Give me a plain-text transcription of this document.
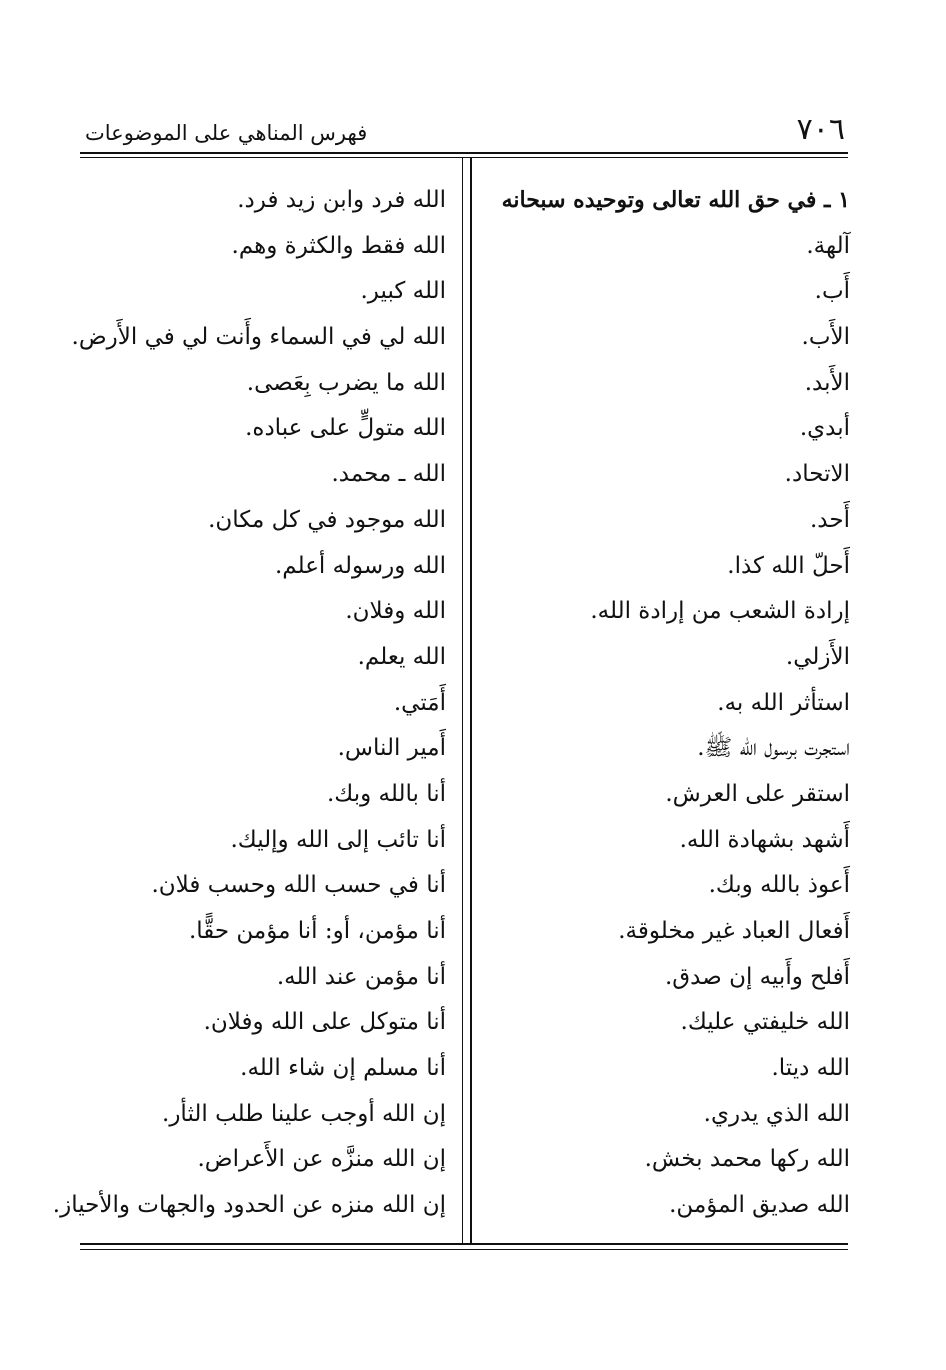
٧٠٦
فهرس المناهي على الموضوعات
١ ـ في حق الله تعالى وتوحيده سبحانه
آلهة.
أَب.
الأَب.
الأَبد.
أبدي.
الاتحاد.
أَحد.
أَحلّ الله كذا.
إرادة الشعب من إرادة الله.
الأَزلي.
استأثر الله به.
استجرت برسول الله ﷺ.
استقر على العرش.
أَشهد بشهادة الله.
أَعوذ بالله وبك.
أَفعال العباد غير مخلوقة.
أَفلح وأَبيه إن صدق.
الله خليفتي عليك.
الله ديتا.
الله الذي يدري.
الله ركها محمد بخش.
الله صديق المؤمن.
الله فرد وابن زيد فرد.
الله فقط والكثرة وهم.
الله كبير.
الله لي في السماء وأَنت لي في الأَرض.
الله ما يضرب بِعَصى.
الله متولٍّ على عباده.
الله ـ محمد.
الله موجود في كل مكان.
الله ورسوله أعلم.
الله وفلان.
الله يعلم.
أَمَتي.
أَمير الناس.
أنا بالله وبك.
أنا تائب إلى الله وإليك.
أنا في حسب الله وحسب فلان.
أنا مؤمن، أو: أنا مؤمن حقًّا.
أنا مؤمن عند الله.
أنا متوكل على الله وفلان.
أنا مسلم إن شاء الله.
إن الله أوجب علينا طلب الثأر.
إن الله منزَّه عن الأَعراض.
إن الله منزه عن الحدود والجهات والأحياز.
